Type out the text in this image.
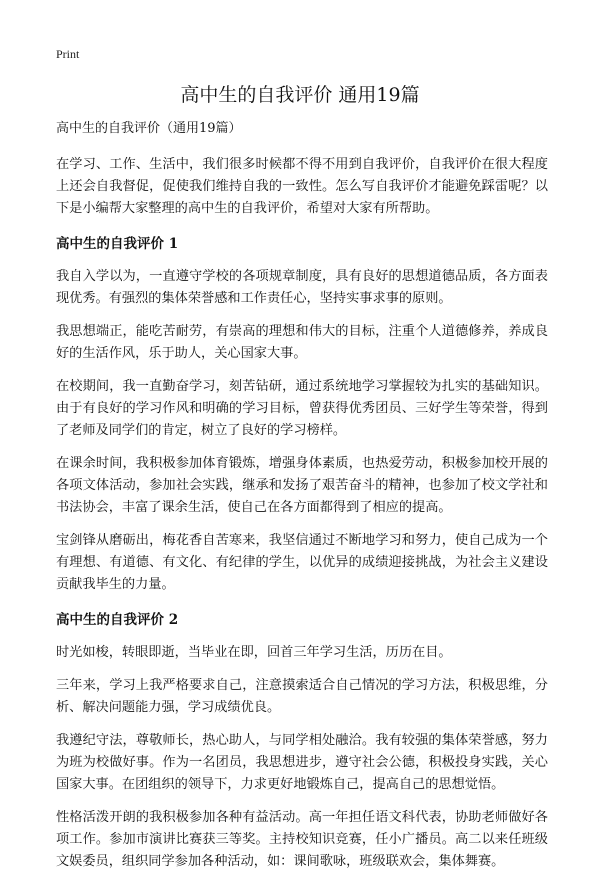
Print
高中生的自我评价 通用19篇

高中生的自我评价（通用19篇）

在学习、工作、生活中，我们很多时候都不得不用到自我评价，自我评价在很大程度上还会自我督促，促使我们维持自我的一致性。怎么写自我评价才能避免踩雷呢？以下是小编帮大家整理的高中生的自我评价，希望对大家有所帮助。

高中生的自我评价 1

我自入学以为，一直遵守学校的各项规章制度，具有良好的思想道德品质，各方面表现优秀。有强烈的集体荣誉感和工作责任心，坚持实事求事的原则。

我思想端正，能吃苦耐劳，有崇高的理想和伟大的目标，注重个人道德修养，养成良好的生活作风，乐于助人，关心国家大事。

在校期间，我一直勤奋学习，刻苦钻研，通过系统地学习掌握较为扎实的基础知识。由于有良好的学习作风和明确的学习目标，曾获得优秀团员、三好学生等荣誉，得到了老师及同学们的肯定，树立了良好的学习榜样。

在课余时间，我积极参加体育锻炼，增强身体素质，也热爱劳动，积极参加校开展的各项文体活动，参加社会实践，继承和发扬了艰苦奋斗的精神，也参加了校文学社和书法协会，丰富了课余生活，使自己在各方面都得到了相应的提高。

宝剑锋从磨砺出，梅花香自苦寒来，我坚信通过不断地学习和努力，使自己成为一个有理想、有道德、有文化、有纪律的学生，以优异的成绩迎接挑战，为社会主义建设贡献我毕生的力量。

高中生的自我评价 2

时光如梭，转眼即逝，当毕业在即，回首三年学习生活，历历在目。

三年来，学习上我严格要求自己，注意摸索适合自己情况的学习方法，积极思维，分析、解决问题能力强，学习成绩优良。

我遵纪守法，尊敬师长，热心助人，与同学相处融洽。我有较强的集体荣誉感，努力为班为校做好事。作为一名团员，我思想进步，遵守社会公德，积极投身实践，关心国家大事。在团组织的领导下，力求更好地锻炼自己，提高自己的思想觉悟。

性格活泼开朗的我积极参加各种有益活动。高一年担任语文科代表，协助老师做好各项工作。参加市演讲比赛获三等奖。主持校知识竞赛，任小广播员。高二以来任班级文娱委员，组织同学参加各种活动，如：课间歌咏，班级联欢会，集体舞赛。
